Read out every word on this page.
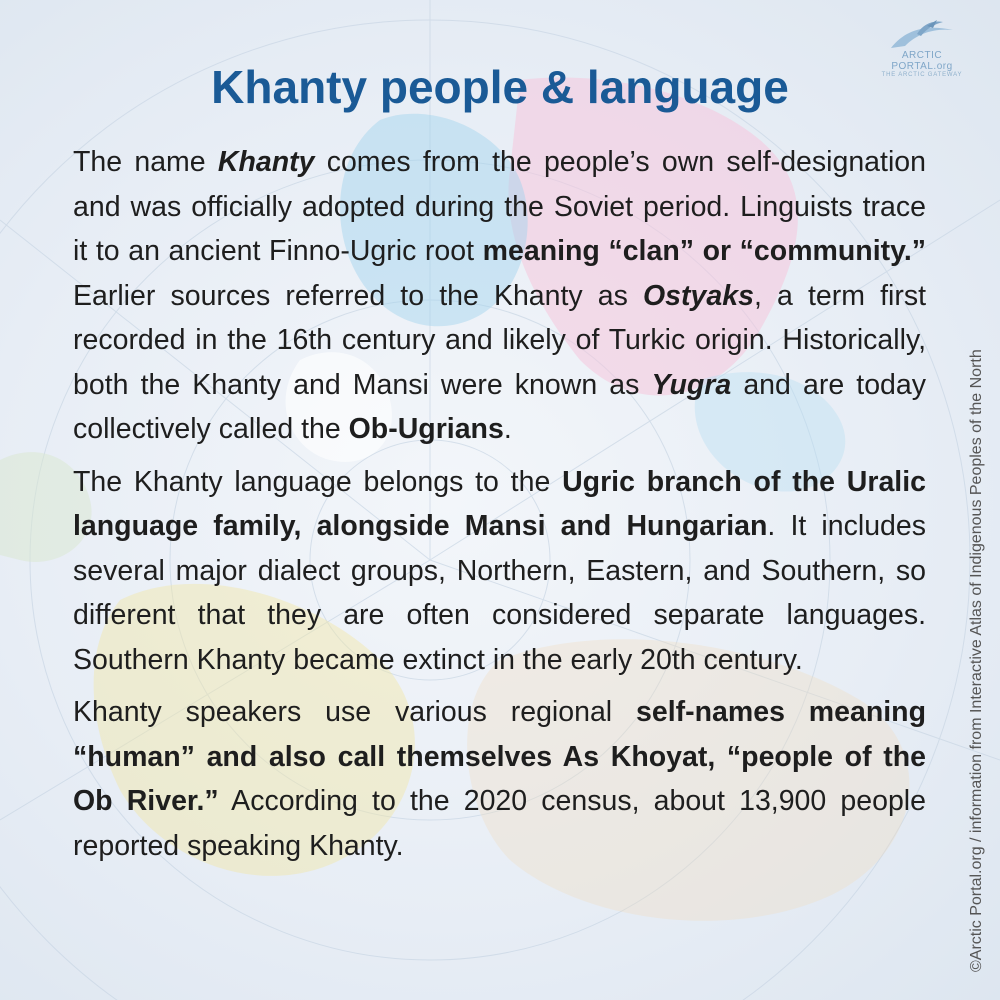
ARCTIC PORTAL.org
THE ARCTIC GATEWAY
Khanty people & language

The name Khanty comes from the people’s own self-designation and was officially adopted during the Soviet period. Linguists trace it to an ancient Finno-Ugric root meaning “clan” or “community.” Earlier sources referred to the Khanty as Ostyaks, a term first recorded in the 16th century and likely of Turkic origin. Historically, both the Khanty and Mansi were known as Yugra and are today collectively called the Ob-Ugrians.

The Khanty language belongs to the Ugric branch of the Uralic language family, alongside Mansi and Hungarian. It includes several major dialect groups, Northern, Eastern, and Southern, so different that they are often considered separate languages. Southern Khanty became extinct in the early 20th century.

Khanty speakers use various regional self-names meaning “human” and also call themselves As Khoyat, “people of the Ob River.” According to the 2020 census, about 13,900 people reported speaking Khanty.	©Arctic Portal.org / information from Interactive Atlas of Indigenous Peoples of the North
